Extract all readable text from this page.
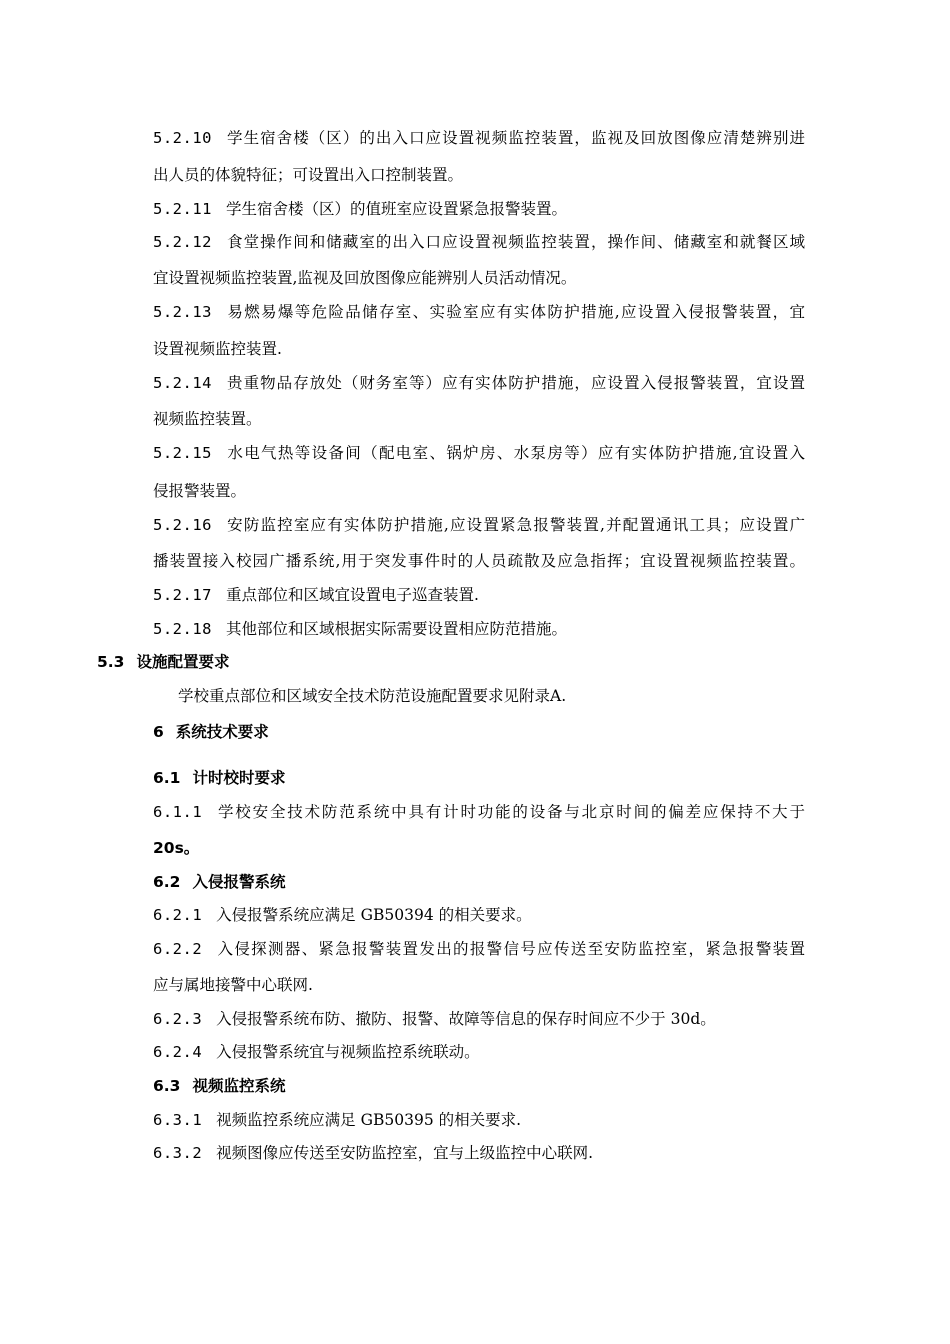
5.2.10 学生宿舍楼（区）的出入口应设置视频监控装置，监视及回放图像应清楚辨别进
出人员的体貌特征；可设置出入口控制装置。
5.2.11 学生宿舍楼（区）的值班室应设置紧急报警装置。
5.2.12 食堂操作间和储藏室的出入口应设置视频监控装置，操作间、储藏室和就餐区域
宜设置视频监控装置,监视及回放图像应能辨别人员活动情况。
5.2.13 易燃易爆等危险品储存室、实验室应有实体防护措施,应设置入侵报警装置，宜
设置视频监控装置.
5.2.14 贵重物品存放处（财务室等）应有实体防护措施，应设置入侵报警装置，宜设置
视频监控装置。
5.2.15 水电气热等设备间（配电室、锅炉房、水泵房等）应有实体防护措施,宜设置入
侵报警装置。
5.2.16 安防监控室应有实体防护措施,应设置紧急报警装置,并配置通讯工具；应设置广
播装置接入校园广播系统,用于突发事件时的人员疏散及应急指挥；宜设置视频监控装置。
5.2.17 重点部位和区域宜设置电子巡查装置.
5.2.18 其他部位和区域根据实际需要设置相应防范措施。
5.3 设施配置要求
学校重点部位和区域安全技术防范设施配置要求见附录A.
6 系统技术要求
6.1 计时校时要求
6.1.1 学校安全技术防范系统中具有计时功能的设备与北京时间的偏差应保持不大于
20s。
6.2 入侵报警系统
6.2.1 入侵报警系统应满足 GB50394 的相关要求。
6.2.2 入侵探测器、紧急报警装置发出的报警信号应传送至安防监控室，紧急报警装置
应与属地接警中心联网.
6.2.3 入侵报警系统布防、撤防、报警、故障等信息的保存时间应不少于 30d。
6.2.4 入侵报警系统宜与视频监控系统联动。
6.3 视频监控系统
6.3.1 视频监控系统应满足 GB50395 的相关要求.
6.3.2 视频图像应传送至安防监控室，宜与上级监控中心联网.
